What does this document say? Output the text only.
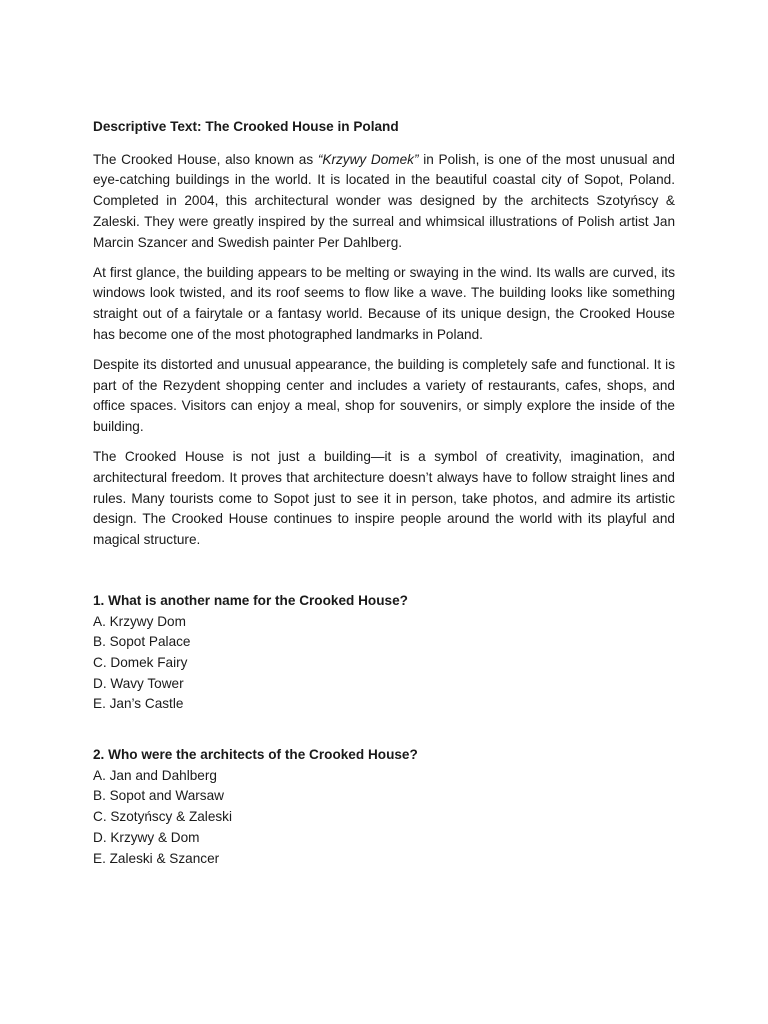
Descriptive Text: The Crooked House in Poland

The Crooked House, also known as “Krzywy Domek” in Polish, is one of the most unusual and eye-catching buildings in the world. It is located in the beautiful coastal city of Sopot, Poland. Completed in 2004, this architectural wonder was designed by the architects Szotyńscy & Zaleski. They were greatly inspired by the surreal and whimsical illustrations of Polish artist Jan Marcin Szancer and Swedish painter Per Dahlberg.

At first glance, the building appears to be melting or swaying in the wind. Its walls are curved, its windows look twisted, and its roof seems to flow like a wave. The building looks like something straight out of a fairytale or a fantasy world. Because of its unique design, the Crooked House has become one of the most photographed landmarks in Poland.

Despite its distorted and unusual appearance, the building is completely safe and functional. It is part of the Rezydent shopping center and includes a variety of restaurants, cafes, shops, and office spaces. Visitors can enjoy a meal, shop for souvenirs, or simply explore the inside of the building.

The Crooked House is not just a building—it is a symbol of creativity, imagination, and architectural freedom. It proves that architecture doesn’t always have to follow straight lines and rules. Many tourists come to Sopot just to see it in person, take photos, and admire its artistic design. The Crooked House continues to inspire people around the world with its playful and magical structure.

1. What is another name for the Crooked House?

A. Krzywy Dom

B. Sopot Palace

C. Domek Fairy

D. Wavy Tower

E. Jan’s Castle

2. Who were the architects of the Crooked House?

A. Jan and Dahlberg

B. Sopot and Warsaw

C. Szotyńscy & Zaleski

D. Krzywy & Dom

E. Zaleski & Szancer
